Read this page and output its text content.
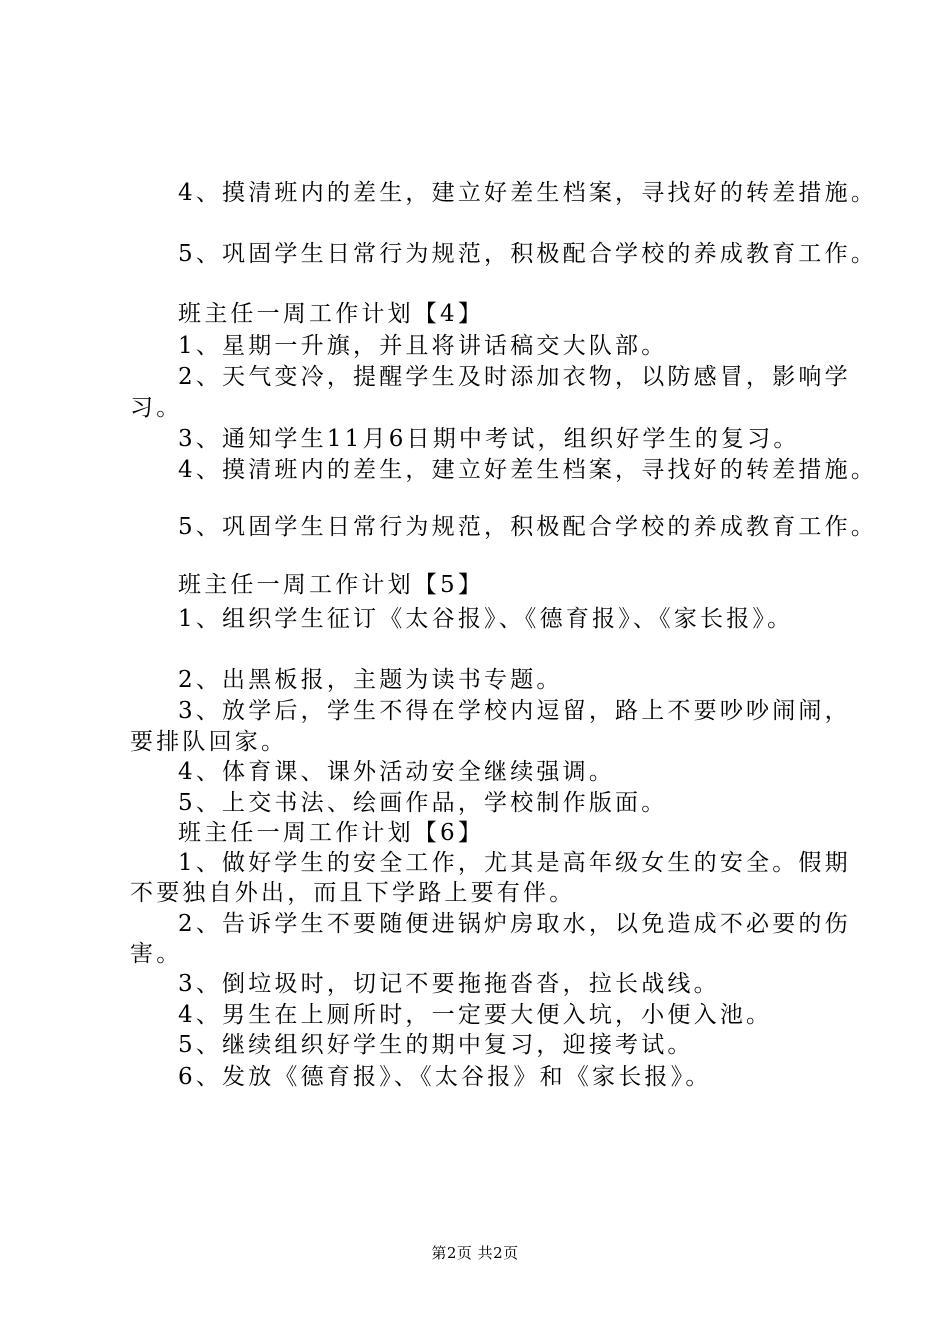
4、摸清班内的差生，建立好差生档案，寻找好的转差措施。
5、巩固学生日常行为规范，积极配合学校的养成教育工作。
班主任一周工作计划【4】
1、星期一升旗，并且将讲话稿交大队部。
2、天气变冷，提醒学生及时添加衣物，以防感冒，影响学
习。
3、通知学生11月6日期中考试，组织好学生的复习。
4、摸清班内的差生，建立好差生档案，寻找好的转差措施。
5、巩固学生日常行为规范，积极配合学校的养成教育工作。
班主任一周工作计划【5】
1、组织学生征订《太谷报》、《德育报》、《家长报》。
2、出黑板报，主题为读书专题。
3、放学后，学生不得在学校内逗留，路上不要吵吵闹闹，
要排队回家。
4、体育课、课外活动安全继续强调。
5、上交书法、绘画作品，学校制作版面。
班主任一周工作计划【6】
1、做好学生的安全工作，尤其是高年级女生的安全。假期
不要独自外出，而且下学路上要有伴。
2、告诉学生不要随便进锅炉房取水，以免造成不必要的伤
害。
3、倒垃圾时，切记不要拖拖沓沓，拉长战线。
4、男生在上厕所时，一定要大便入坑，小便入池。
5、继续组织好学生的期中复习，迎接考试。
6、发放《德育报》、《太谷报》和《家长报》。
第2页 共2页
